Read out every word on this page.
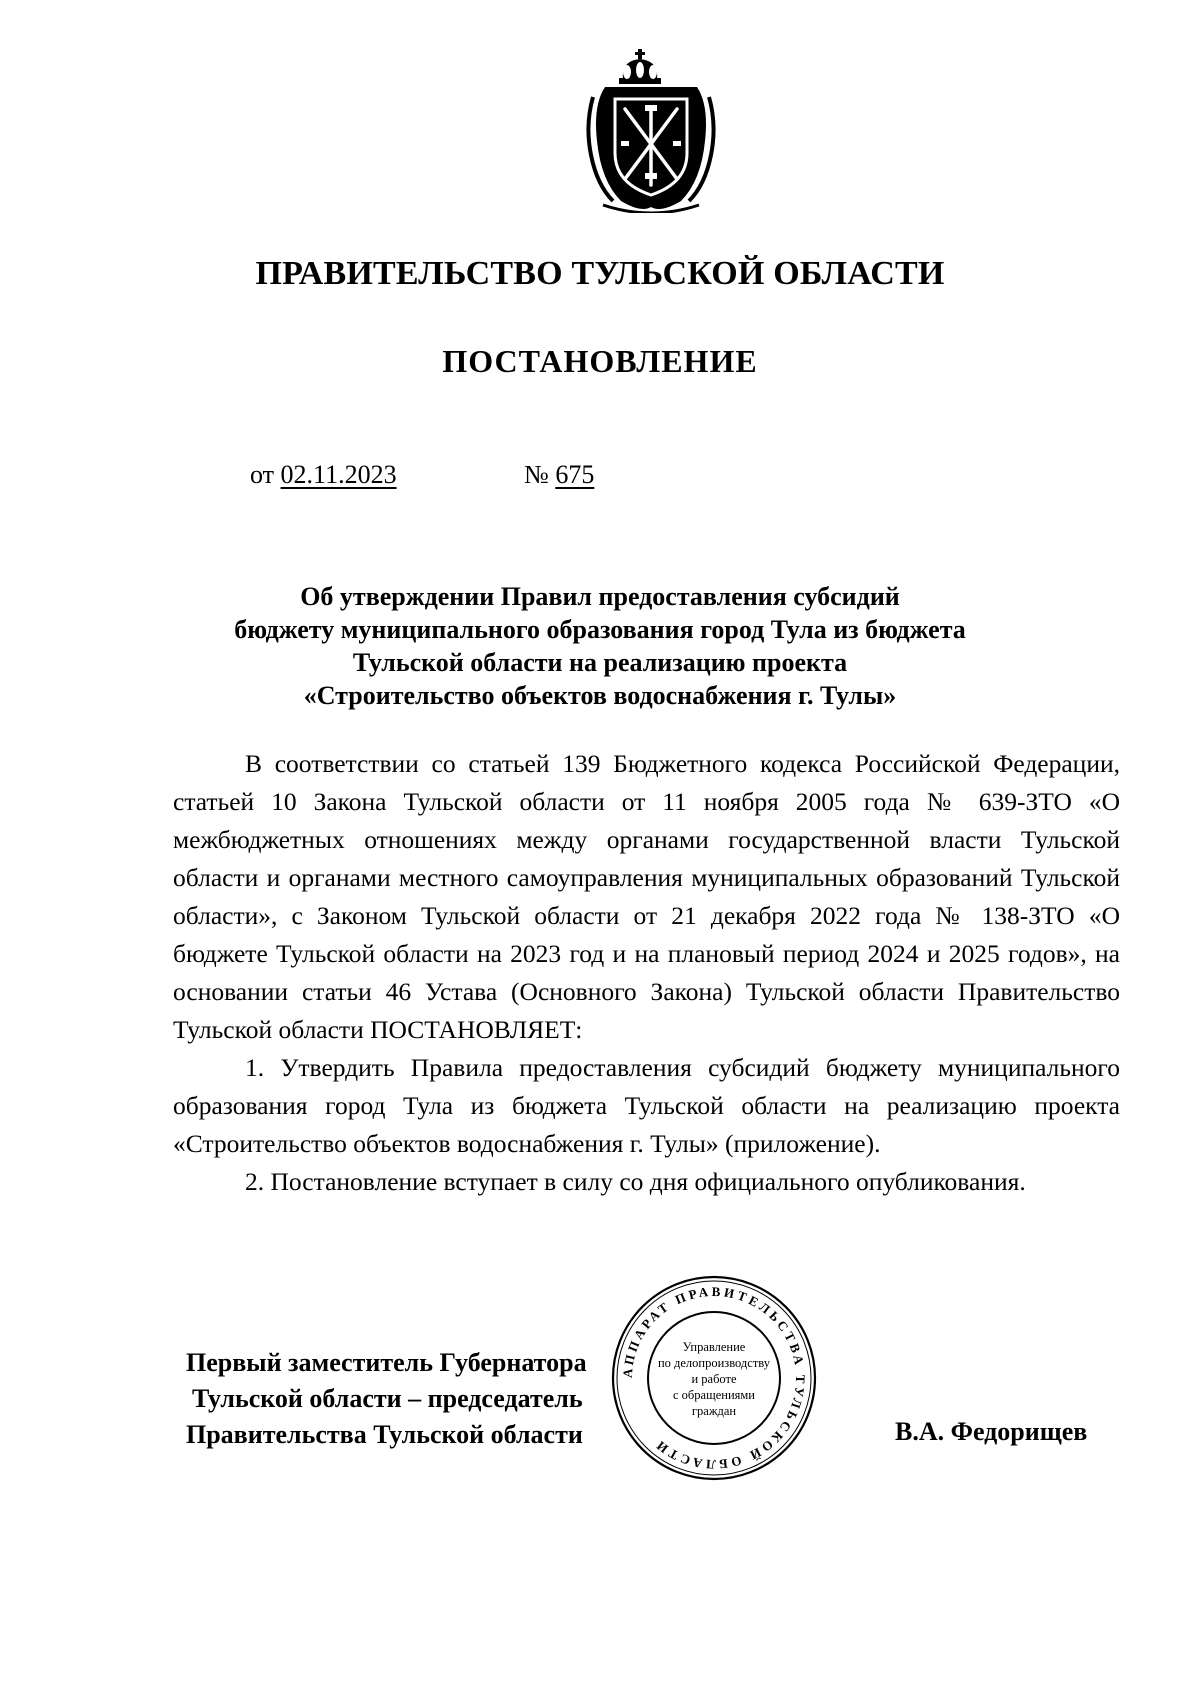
ПРАВИТЕЛЬСТВО ТУЛЬСКОЙ ОБЛАСТИ
ПОСТАНОВЛЕНИЕ
от 02.11.2023	№ 675
Об утверждении Правил предоставления субсидий
бюджету муниципального образования город Тула из бюджета
Тульской области на реализацию проекта
«Строительство объектов водоснабжения г. Тулы»

В соответствии со статьей 139 Бюджетного кодекса Российской Федерации, статьей 10 Закона Тульской области от 11 ноября 2005 года № 639-ЗТО «О межбюджетных отношениях между органами государственной власти Тульской области и органами местного самоуправления муниципальных образований Тульской области», с Законом Тульской области от 21 декабря 2022 года № 138-ЗТО «О бюджете Тульской области на 2023 год и на плановый период 2024 и 2025 годов», на основании статьи 46 Устава (Основного Закона) Тульской области Правительство Тульской области ПОСТАНОВЛЯЕТ:

1. Утвердить Правила предоставления субсидий бюджету муниципального образования город Тула из бюджета Тульской области на реализацию проекта «Строительство объектов водоснабжения г. Тулы» (приложение).

2. Постановление вступает в силу со дня официального опубликования.

Первый заместитель Губернатора
Тульской области – председатель
Правительства Тульской области	В.А. Федорищев
АППАРАТ ПРАВИТЕЛЬСТВА ТУЛЬСКОЙ ОБЛАСТИ
Управление
по делопроизводству
и работе
с обращениями
граждан
